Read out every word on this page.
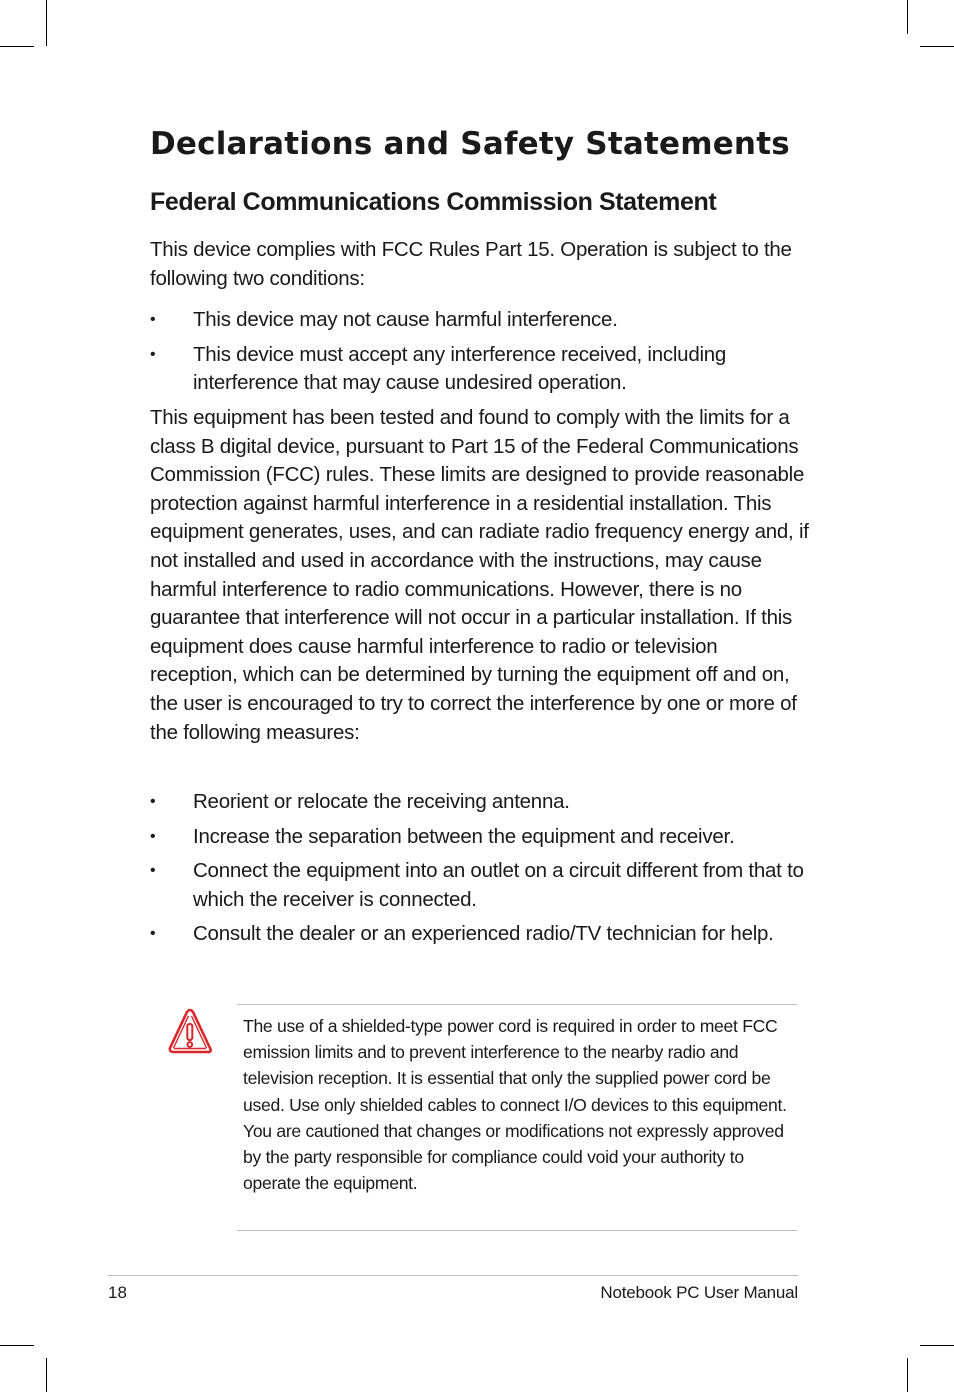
Declarations and Safety Statements
Federal Communications Commission Statement
This device complies with FCC Rules Part 15. Operation is subject to the following two conditions:
• This device may not cause harmful interference.
• This device must accept any interference received, including interference that may cause undesired operation.
This equipment has been tested and found to comply with the limits for a class B digital device, pursuant to Part 15 of the Federal Communications Commission (FCC) rules. These limits are designed to provide reasonable protection against harmful interference in a residential installation. This equipment generates, uses, and can radiate radio frequency energy and, if not installed and used in accordance with the instructions, may cause harmful interference to radio communications. However, there is no guarantee that interference will not occur in a particular installation. If this equipment does cause harmful interference to radio or television reception, which can be determined by turning the equipment off and on, the user is encouraged to try to correct the interference by one or more of the following measures:
• Reorient or relocate the receiving antenna.
• Increase the separation between the equipment and receiver.
• Connect the equipment into an outlet on a circuit different from that to which the receiver is connected.
• Consult the dealer or an experienced radio/TV technician for help.
The use of a shielded-type power cord is required in order to meet FCC emission limits and to prevent interference to the nearby radio and television reception. It is essential that only the supplied power cord be used. Use only shielded cables to connect I/O devices to this equipment. You are cautioned that changes or modifications not expressly approved by the party responsible for compliance could void your authority to operate the equipment.
18	Notebook PC User Manual
